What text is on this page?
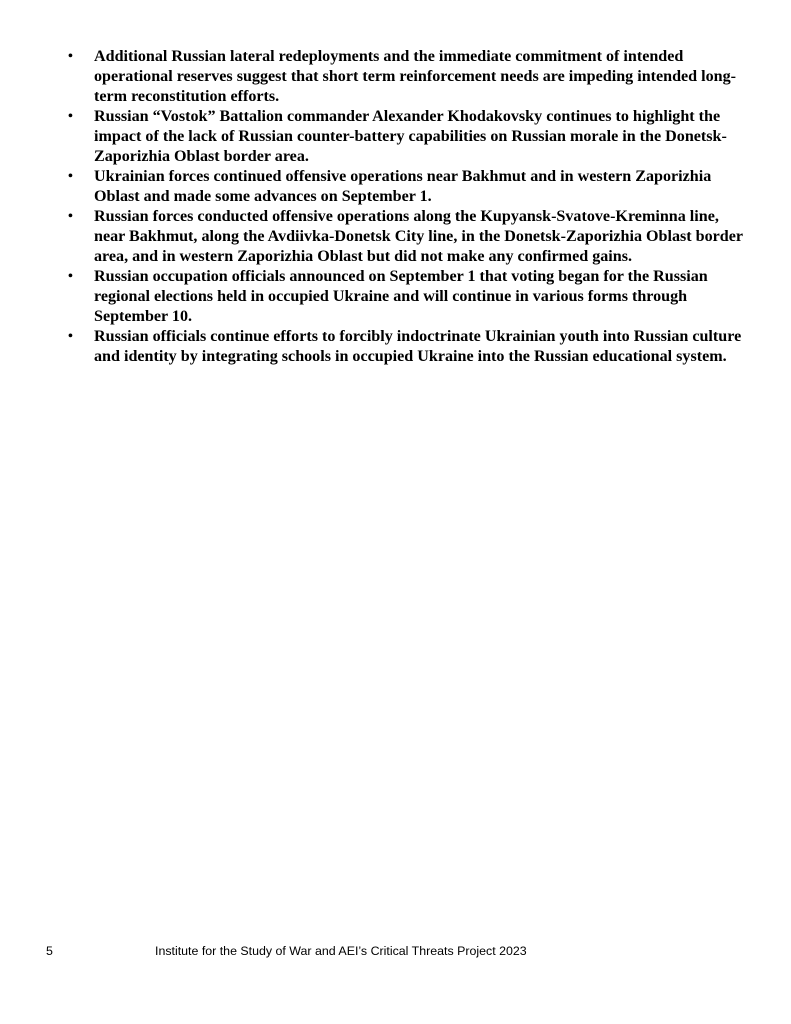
• Additional Russian lateral redeployments and the immediate commitment of intended operational reserves suggest that short term reinforcement needs are impeding intended long-term reconstitution efforts.
• Russian “Vostok” Battalion commander Alexander Khodakovsky continues to highlight the impact of the lack of Russian counter-battery capabilities on Russian morale in the Donetsk-Zaporizhia Oblast border area.
• Ukrainian forces continued offensive operations near Bakhmut and in western Zaporizhia Oblast and made some advances on September 1.
• Russian forces conducted offensive operations along the Kupyansk-Svatove-Kreminna line, near Bakhmut, along the Avdiivka-Donetsk City line, in the Donetsk-Zaporizhia Oblast border area, and in western Zaporizhia Oblast but did not make any confirmed gains.
• Russian occupation officials announced on September 1 that voting began for the Russian regional elections held in occupied Ukraine and will continue in various forms through September 10.
• Russian officials continue efforts to forcibly indoctrinate Ukrainian youth into Russian culture and identity by integrating schools in occupied Ukraine into the Russian educational system.
5	Institute for the Study of War and AEI’s Critical Threats Project 2023
